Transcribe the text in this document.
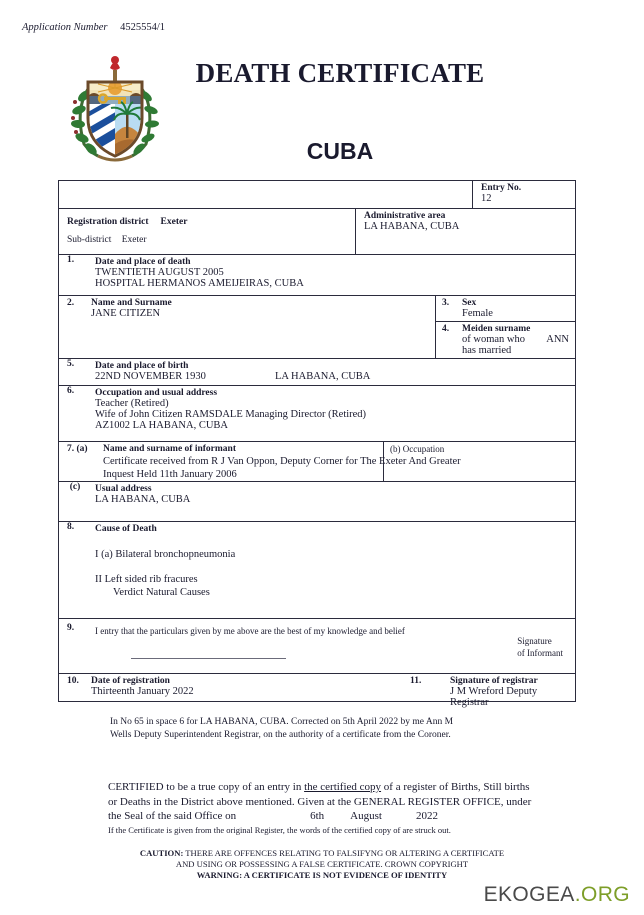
Application Number 4525554/1
DEATH CERTIFICATE
CUBA
Entry No.
12
Registration district Exeter
Sub-district Exeter
Administrative area
LA HABANA, CUBA
1.	Date and place of death
TWENTIETH AUGUST 2005
HOSPITAL HERMANOS AMEIJEIRAS, CUBA
2.	Name and Surname
JANE CITIZEN
3.	Sex
Female
4.	Meiden surname
of woman who	ANN
has married
5.	Date and place of birth
22ND NOVEMBER 1930	LA HABANA, CUBA
6.	Occupation and usual address
Teacher (Retired)
Wife of John Citizen RAMSDALE Managing Director (Retired)
AZ1002 LA HABANA, CUBA
7. (a)	Name and surname of informant	(b) Occupation
Certificate received from R J Van Oppon, Deputy Corner for The Exeter And Greater
Inquest Held 11th January 2006
(c)	Usual address
LA HABANA, CUBA
8.	Cause of Death
I (a) Bilateral bronchopneumonia
II Left sided rib fracures
Verdict Natural Causes
9.	I entry that the particulars given by me above are the best of my knowledge and belief
Signature
of Informant
10.	Date of registration
Thirteenth January 2022
11.	Signature of registrar
J M Wreford Deputy Registrar
In No 65 in space 6 for LA HABANA, CUBA. Corrected on 5th April 2022 by me Ann M
Wells Deputy Superintendent Registrar, on the authority of a certificate from the Coroner.
CERTIFIED to be a true copy of an entry in the certified copy of a register of Births, Still births
or Deaths in the District above mentioned. Given at the GENERAL REGISTER OFFICE, under
the Seal of the said Office on	6th August	2022
If the Certificate is given from the original Register, the words of the certified copy of are struck out.
CAUTION: THERE ARE OFFENCES RELATING TO FALSIFYNG OR ALTERING A CERTIFICATE
AND USING OR POSSESSING A FALSE CERTIFICATE. CROWN COPYRIGHT
WARNING: A CERTIFICATE IS NOT EVIDENCE OF IDENTITY
EKOGEA.ORG
